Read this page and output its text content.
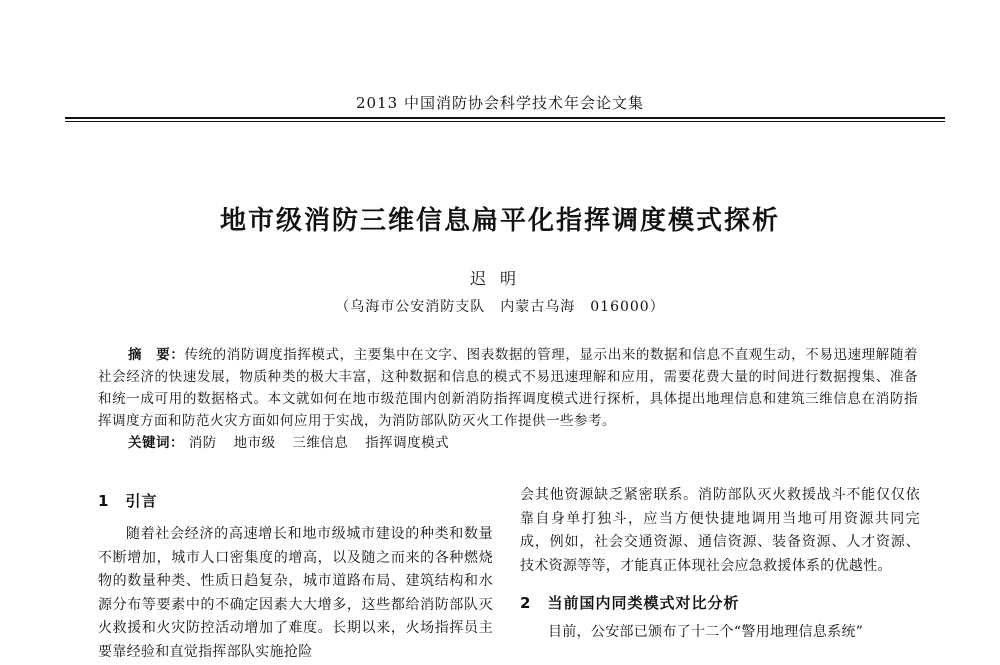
2013 中国消防协会科学技术年会论文集
地市级消防三维信息扁平化指挥调度模式探析
迟明
（乌海市公安消防支队　内蒙古乌海　016000）
摘　要：传统的消防调度指挥模式，主要集中在文字、图表数据的管理，显示出来的数据和信息不直观生动，不易迅速理解随着社会经济的快速发展，物质种类的极大丰富，这种数据和信息的模式不易迅速理解和应用，需要花费大量的时间进行数据搜集、准备和统一成可用的数据格式。本文就如何在地市级范围内创新消防指挥调度模式进行探析，具体提出地理信息和建筑三维信息在消防指挥调度方面和防范火灾方面如何应用于实战，为消防部队防灭火工作提供一些参考。
关键词： 消防 地市级 三维信息 指挥调度模式
1 引言

随着社会经济的高速增长和地市级城市建设的种类和数量不断增加，城市人口密集度的增高，以及随之而来的各种燃烧物的数量种类、性质日趋复杂，城市道路布局、建筑结构和水源分布等要素中的不确定因素大大增多，这些都给消防部队灭火救援和火灾防控活动增加了难度。长期以来，火场指挥员主要靠经验和直觉指挥部队实施抢险

会其他资源缺乏紧密联系。消防部队灭火救援战斗不能仅仅依靠自身单打独斗，应当方便快捷地调用当地可用资源共同完成，例如，社会交通资源、通信资源、装备资源、人才资源、技术资源等等，才能真正体现社会应急救援体系的优越性。

2 当前国内同类模式对比分析

目前，公安部已颁布了十二个“警用地理信息系统”
